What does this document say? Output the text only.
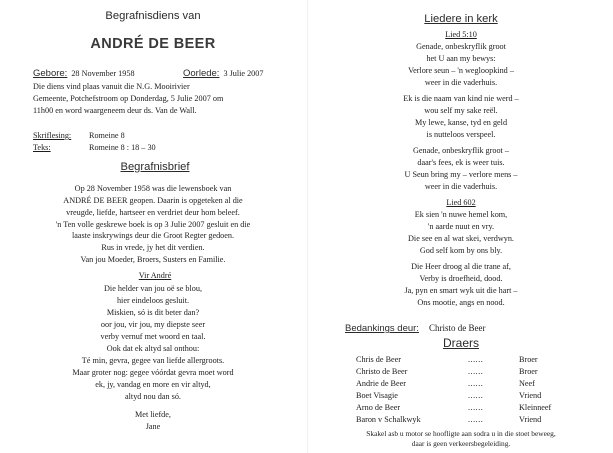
Begrafnisdiens van
ANDRÉ DE BEER
Gebore: 28 November 1958	Oorlede: 3 Julie 2007
Die diens vind plaas vanuit die N.G. Mooirivier
Gemeente, Potchefstroom op Donderdag, 5 Julie 2007 om
11h00 en word waargeneem deur ds. Van de Wall.
Skriflesing: Romeine 8
Teks:	Romeine 8 : 18 – 30
Begrafnisbrief
Op 28 November 1958 was die lewensboek van
ANDRÉ DE BEER geopen. Daarin is opgeteken al die
vreugde, liefde, hartseer en verdriet deur hom beleef.
'n Ten volle geskrewe boek is op 3 Julie 2007 gesluit en die
laaste inskrywings deur die Groot Regter gedoen.
Rus in vrede, jy het dit verdien.
Van jou Moeder, Broers, Susters en Familie.
Vir André
Die helder van jou oë se blou,
hier eindeloos gesluit.
Miskien, só is dit beter dan?
oor jou, vir jou, my diepste seer
verby vernuf met woord en taal.
Ook dat ek altyd sal onthou:
Té min, gevra, gegee van liefde allergroots.
Maar groter nog: gegee vóórdat gevra moet word
ek, jy, vandag en more en vir altyd,
altyd nou dan só.
Met liefde,
Jane
Liedere in kerk
Lied 5:10
Genade, onbeskryflik groot
het U aan my bewys:
Verlore seun – 'n wegloopkind –
weer in die vaderhuis.
Ek is die naam van kind nie werd –
wou self my sake reël.
My lewe, kanse, tyd en geld
is nutteloos verspeel.
Genade, onbeskryflik groot –
daar's fees, ek is weer tuis.
U Seun bring my – verlore mens –
weer in die vaderhuis.
Lied 602
Ek sien 'n nuwe hemel kom,
'n aarde nuut en vry.
Die see en al wat skei, verdwyn.
God self kom by ons bly.
Die Heer droog al die trane af,
Verby is droefheid, dood.
Ja, pyn en smart wyk uit die hart –
Ons mootie, angs en nood.
Bedankings deur: Christo de Beer
Draers
Chris de Beer	......	Broer
Christo de Beer	......	Broer
Andrie de Beer	......	Neef
Boet Visagie	......	Vriend
Arno de Beer	......	Kleinneef
Baron v Schalkwyk	......	Vriend
Skakel asb u motor se hoofligte aan sodra u in die stoet beweeg,
daar is geen verkeersbegeleiding.
